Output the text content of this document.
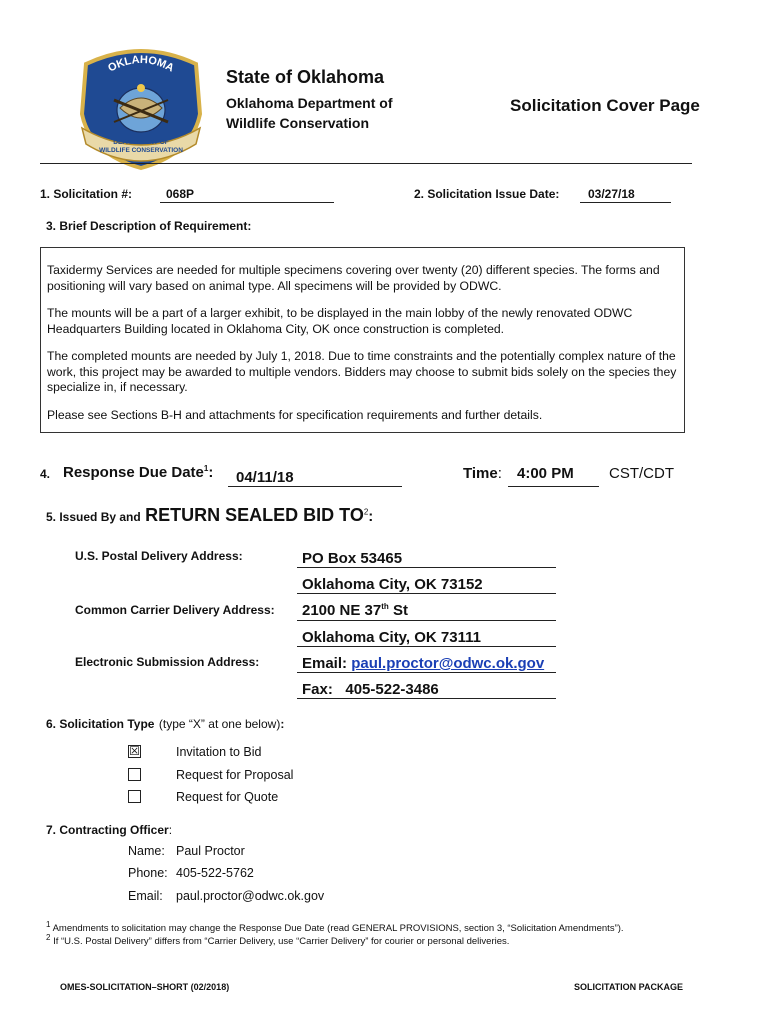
OKLAHOMA
DEPARTMENT OF
WILDLIFE CONSERVATION
State of Oklahoma
Oklahoma Department of Wildlife Conservation
Solicitation Cover Page
1. Solicitation #:	068P	2. Solicitation Issue Date: 03/27/18
3. Brief Description of Requirement:

Taxidermy Services are needed for multiple specimens covering over twenty (20) different species. The forms and positioning will vary based on animal type. All specimens will be provided by ODWC.

The mounts will be a part of a larger exhibit, to be displayed in the main lobby of the newly renovated ODWC Headquarters Building located in Oklahoma City, OK once construction is completed.

The completed mounts are needed by July 1, 2018. Due to time constraints and the potentially complex nature of the work, this project may be awarded to multiple vendors. Bidders may choose to submit bids solely on the species they specialize in, if necessary.

Please see Sections B-H and attachments for specification requirements and further details.

4. Response Due Date$^1$: 04/11/18	Time: 4:00 PM CST/CDT
5. Issued By and RETURN SEALED BID $TO^2$:
U.S. Postal Delivery Address:	PO Box 53465
Oklahoma City, OK 73152
Common Carrier Delivery Address: 2100 NE 37th St
Oklahoma City, OK 73111
Electronic Submission Address:	Email: paul.proctor@odwc.ok.gov
Fax: 405-522-3486
6. Solicitation Type (type “X” at one below):
☒	Invitation to Bid
Request for Proposal
Request for Quote
7. Contracting Officer:
Name: Paul Proctor
Phone: 405-522-5762
Email: paul.proctor@odwc.ok.gov
$^1$ Amendments to solicitation may change the Response Due Date (read GENERAL PROVISIONS, section 3, “Solicitation Amendments”).
$^2$ If “U.S. Postal Delivery” differs from “Carrier Delivery, use “Carrier Delivery” for courier or personal deliveries.
OMES-SOLICITATION–SHORT (02/2018)	SOLICITATION PACKAGE
